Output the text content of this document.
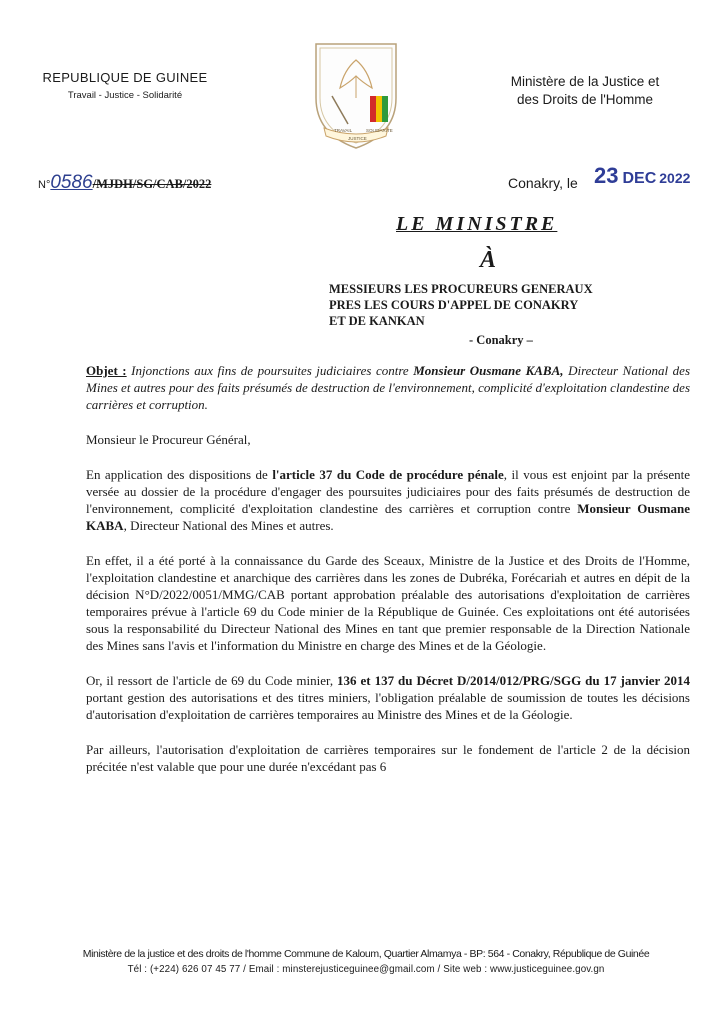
REPUBLIQUE DE GUINEE
Travail - Justice - Solidarité
TRAVAIL
JUSTICE
SOLIDARITE
Ministère de la Justice et
des Droits de l'Homme
N°0586/MJDH/SG/CAB/2022	Conakry, le 23 DEC 2022
LE MINISTRE
À
MESSIEURS LES PROCUREURS GENERAUX
PRES LES COURS D'APPEL DE CONAKRY
ET DE KANKAN
- Conakry –

Objet : Injonctions aux fins de poursuites judiciaires contre Monsieur Ousmane KABA, Directeur National des Mines et autres pour des faits présumés de destruction de l'environnement, complicité d'exploitation clandestine des carrières et corruption.

Monsieur le Procureur Général,

En application des dispositions de l'article 37 du Code de procédure pénale, il vous est enjoint par la présente versée au dossier de la procédure d'engager des poursuites judiciaires pour des faits présumés de destruction de l'environnement, complicité d'exploitation clandestine des carrières et corruption contre Monsieur Ousmane KABA, Directeur National des Mines et autres.

En effet, il a été porté à la connaissance du Garde des Sceaux, Ministre de la Justice et des Droits de l'Homme, l'exploitation clandestine et anarchique des carrières dans les zones de Dubréka, Forécariah et autres en dépit de la décision N°D/2022/0051/MMG/CAB portant approbation préalable des autorisations d'exploitation de carrières temporaires prévue à l'article 69 du Code minier de la République de Guinée. Ces exploitations ont été autorisées sous la responsabilité du Directeur National des Mines en tant que premier responsable de la Direction Nationale des Mines sans l'avis et l'information du Ministre en charge des Mines et de la Géologie.

Or, il ressort de l'article de 69 du Code minier, 136 et 137 du Décret D/2014/012/PRG/SGG du 17 janvier 2014 portant gestion des autorisations et des titres miniers, l'obligation préalable de soumission de toutes les décisions d'autorisation d'exploitation de carrières temporaires au Ministre des Mines et de la Géologie.

Par ailleurs, l'autorisation d'exploitation de carrières temporaires sur le fondement de l'article 2 de la décision précitée n'est valable que pour une durée n'excédant pas 6

Ministère de la justice et des droits de l'homme Commune de Kaloum, Quartier Almamya - BP: 564 - Conakry, République de Guinée
Tél : (+224) 626 07 45 77 / Email : minsterejusticeguinee@gmail.com / Site web : www.justiceguinee.gov.gn
